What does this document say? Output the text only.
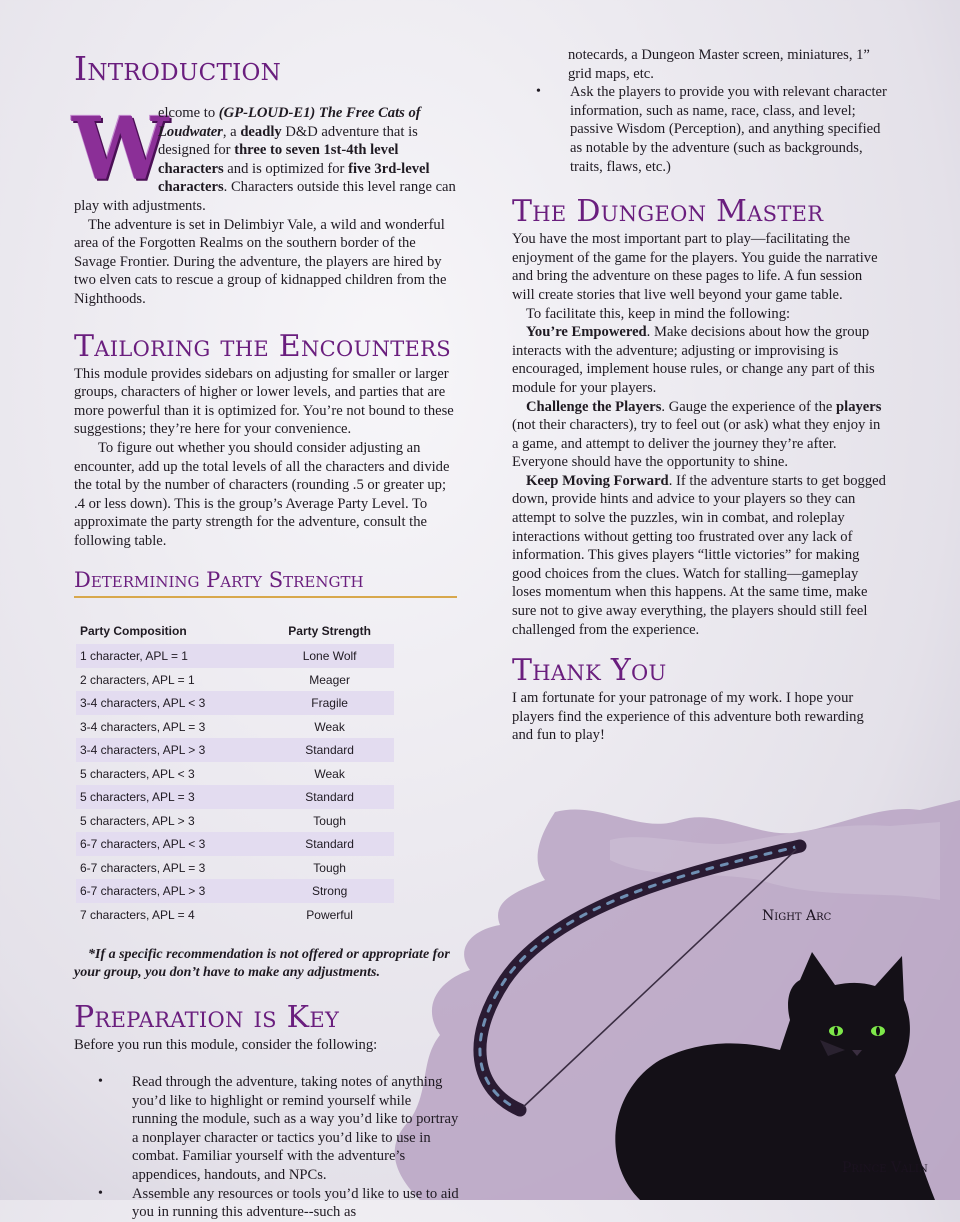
Night Arc
Prince Valin
Introduction

W
elcome to (GP-LOUD-E1) The Free Cats of Loudwater, a deadly D&D adventure that is designed for three to seven 1st-4th level characters and is optimized for five 3rd-level characters. Characters outside this level range can play with adjustments.

The adventure is set in Delimbiyr Vale, a wild and wonderful area of the Forgotten Realms on the southern border of the Savage Frontier. During the adventure, the players are hired by two elven cats to rescue a group of kidnapped children from the Nighthoods.

Tailoring the Encounters

This module provides sidebars on adjusting for smaller or larger groups, characters of higher or lower levels, and parties that are more powerful than it is optimized for. You’re not bound to these suggestions; they’re here for your convenience.

To figure out whether you should consider adjusting an encounter, add up the total levels of all the characters and divide the total by the number of characters (rounding .5 or greater up; .4 or less down). This is the group’s Average Party Level. To approximate the party strength for the adventure, consult the following table.

Determining Party Strength
Party Composition	Party Strength
1 character, APL = 1	Lone Wolf
2 characters, APL = 1	Meager
3-4 characters, APL < 3	Fragile
3-4 characters, APL = 3	Weak
3-4 characters, APL > 3	Standard
5 characters, APL < 3	Weak
5 characters, APL = 3	Standard
5 characters, APL > 3	Tough
6-7 characters, APL < 3	Standard
6-7 characters, APL = 3	Tough
6-7 characters, APL > 3	Strong
7 characters, APL = 4	Powerful

*If a specific recommendation is not offered or appropriate for your group, you don’t have to make any adjustments.

Preparation is Key

Before you run this module, consider the following:

• Read through the adventure, taking notes of anything you’d like to highlight or remind yourself while running the module, such as a way you’d like to portray a nonplayer character or tactics you’d like to use in combat. Familiar yourself with the adventure’s appendices, handouts, and NPCs.
• Assemble any resources or tools you’d like to use to aid you in running this adventure--such as

notecards, a Dungeon Master screen, miniatures, 1” grid maps, etc.

• Ask the players to provide you with relevant character information, such as name, race, class, and level; passive Wisdom (Perception), and anything specified as notable by the adventure (such as backgrounds, traits, flaws, etc.)
The Dungeon Master

You have the most important part to play—facilitating the enjoyment of the game for the players. You guide the narrative and bring the adventure on these pages to life. A fun session will create stories that live well beyond your game table.

To facilitate this, keep in mind the following:

You’re Empowered. Make decisions about how the group interacts with the adventure; adjusting or improvising is encouraged, implement house rules, or change any part of this module for your players.

Challenge the Players. Gauge the experience of the players (not their characters), try to feel out (or ask) what they enjoy in a game, and attempt to deliver the journey they’re after. Everyone should have the opportunity to shine.

Keep Moving Forward. If the adventure starts to get bogged down, provide hints and advice to your players so they can attempt to solve the puzzles, win in combat, and roleplay interactions without getting too frustrated over any lack of information. This gives players “little victories” for making good choices from the clues. Watch for stalling—gameplay loses momentum when this happens. At the same time, make sure not to give away everything, the players should still feel challenged from the experience.

Thank You

I am fortunate for your patronage of my work. I hope your players find the experience of this adventure both rewarding and fun to play!
